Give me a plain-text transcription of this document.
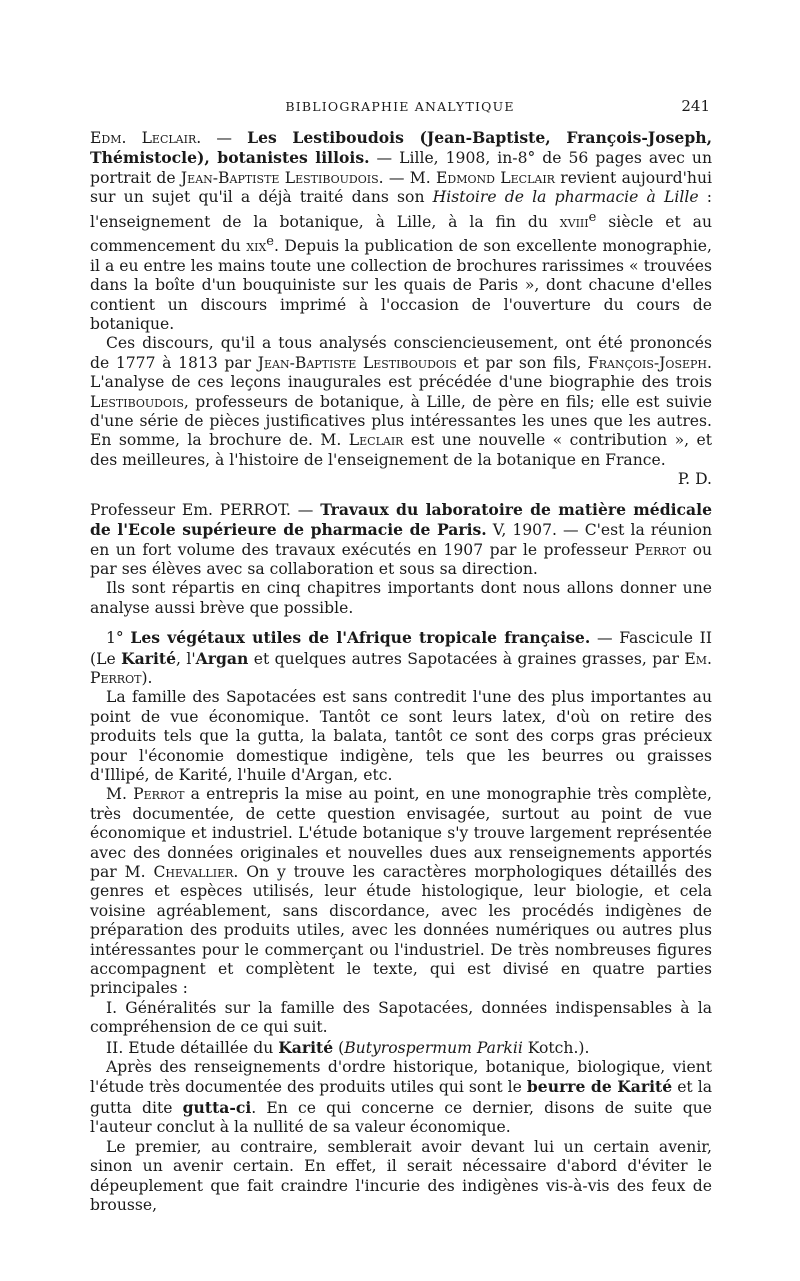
BIBLIOGRAPHIE ANALYTIQUE	241

Edm. Leclair. — Les Lestiboudois (Jean-Baptiste, François-Joseph, Thémistocle), botanistes lillois. — Lille, 1908, in-8° de 56 pages avec un portrait de Jean-Baptiste Lestiboudois. — M. Edmond Leclair revient aujourd'hui sur un sujet qu'il a déjà traité dans son Histoire de la pharmacie à Lille : l'enseignement de la botanique, à Lille, à la fin du xviii$^e$ siècle et au commencement du xix$^e$. Depuis la publication de son excellente monographie, il a eu entre les mains toute une collection de brochures rarissimes « trouvées dans la boîte d'un bouquiniste sur les quais de Paris », dont chacune d'elles contient un discours imprimé à l'occasion de l'ouverture du cours de botanique.

Ces discours, qu'il a tous analysés consciencieusement, ont été prononcés de 1777 à 1813 par Jean-Baptiste Lestiboudois et par son fils, François-Joseph. L'analyse de ces leçons inaugurales est précédée d'une biographie des trois Lestiboudois, professeurs de botanique, à Lille, de père en fils; elle est suivie d'une série de pièces justificatives plus intéressantes les unes que les autres. En somme, la brochure de. M. Leclair est une nouvelle « contribution », et des meilleures, à l'histoire de l'enseignement de la botanique en France.

P. D.

Professeur Em. PERROT. — Travaux du laboratoire de matière médicale de l'Ecole supérieure de pharmacie de Paris. V, 1907. — C'est la réunion en un fort volume des travaux exécutés en 1907 par le professeur Perrot ou par ses élèves avec sa collaboration et sous sa direction.

Ils sont répartis en cinq chapitres importants dont nous allons donner une analyse aussi brève que possible.

1° Les végétaux utiles de l'Afrique tropicale française. — Fascicule II (Le Karité, l'Argan et quelques autres Sapotacées à graines grasses, par Em. Perrot).

La famille des Sapotacées est sans contredit l'une des plus importantes au point de vue économique. Tantôt ce sont leurs latex, d'où on retire des produits tels que la gutta, la balata, tantôt ce sont des corps gras précieux pour l'économie domestique indigène, tels que les beurres ou graisses d'Illipé, de Karité, l'huile d'Argan, etc.

M. Perrot a entrepris la mise au point, en une monographie très complète, très documentée, de cette question envisagée, surtout au point de vue économique et industriel. L'étude botanique s'y trouve largement représentée avec des données originales et nouvelles dues aux renseignements apportés par M. Chevallier. On y trouve les caractères morphologiques détaillés des genres et espèces utilisés, leur étude histologique, leur biologie, et cela voisine agréablement, sans discordance, avec les procédés indigènes de préparation des produits utiles, avec les données numériques ou autres plus intéressantes pour le commerçant ou l'industriel. De très nombreuses figures accompagnent et complètent le texte, qui est divisé en quatre parties principales :

I. Généralités sur la famille des Sapotacées, données indispensables à la compréhension de ce qui suit.

II. Etude détaillée du Karité (Butyrospermum Parkii Kotch.).

Après des renseignements d'ordre historique, botanique, biologique, vient l'étude très documentée des produits utiles qui sont le beurre de Karité et la gutta dite gutta-ci. En ce qui concerne ce dernier, disons de suite que l'auteur conclut à la nullité de sa valeur économique.

Le premier, au contraire, semblerait avoir devant lui un certain avenir, sinon un avenir certain. En effet, il serait nécessaire d'abord d'éviter le dépeuplement que fait craindre l'incurie des indigènes vis-à-vis des feux de brousse,
